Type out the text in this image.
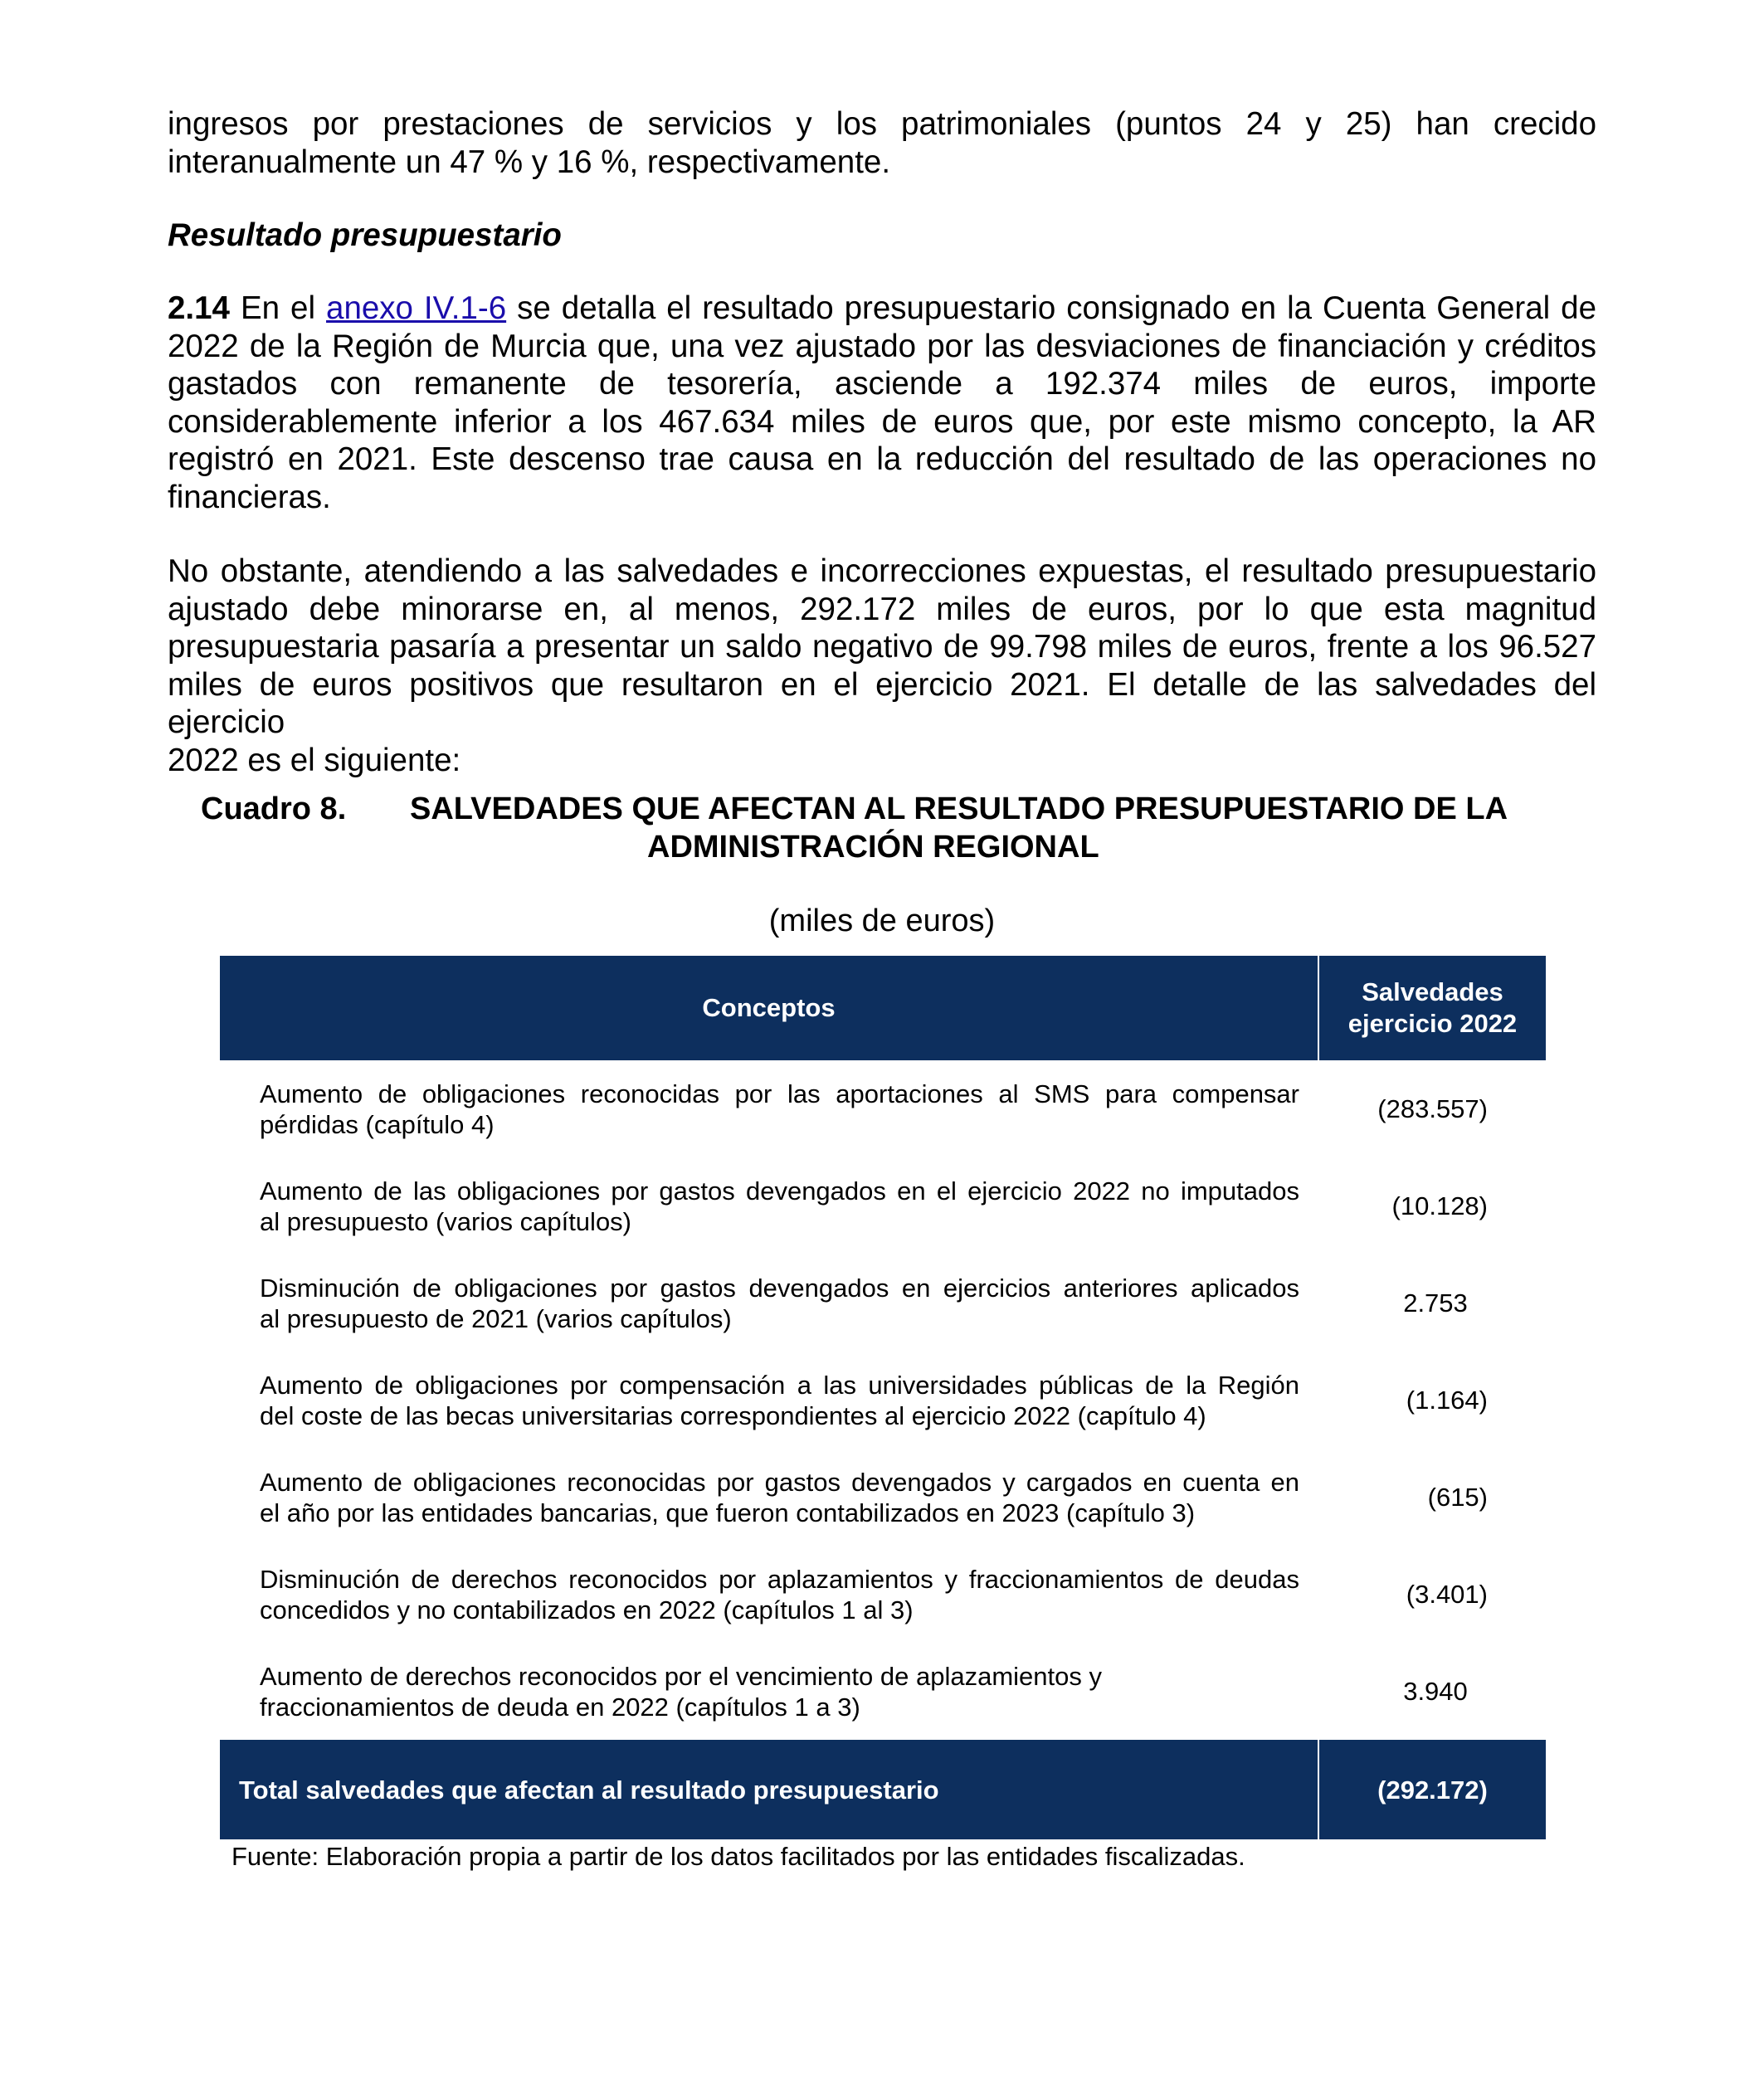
ingresos por prestaciones de servicios y los patrimoniales (puntos 24 y 25) han crecido
interanualmente un 47 % y 16 %, respectivamente.

Resultado presupuestario

2.14 En el anexo IV.1-6 se detalla el resultado presupuestario consignado en la Cuenta General de
2022 de la Región de Murcia que, una vez ajustado por las desviaciones de financiación y créditos
gastados con remanente de tesorería, asciende a 192.374 miles de euros, importe
considerablemente inferior a los 467.634 miles de euros que, por este mismo concepto, la AR
registró en 2021. Este descenso trae causa en la reducción del resultado de las operaciones no
financieras.

No obstante, atendiendo a las salvedades e incorrecciones expuestas, el resultado presupuestario
ajustado debe minorarse en, al menos, 292.172 miles de euros, por lo que esta magnitud
presupuestaria pasaría a presentar un saldo negativo de 99.798 miles de euros, frente a los 96.527
miles de euros positivos que resultaron en el ejercicio 2021. El detalle de las salvedades del ejercicio
2022 es el siguiente:

Cuadro 8. SALVEDADES QUE AFECTAN AL RESULTADO PRESUPUESTARIO DE LA
ADMINISTRACIÓN REGIONAL
(miles de euros)
Conceptos	Salvedades
ejercicio 2022

Aumento de obligaciones reconocidas por las aportaciones al SMS para compensar
pérdidas (capítulo 4)	(283.557)

Aumento de las obligaciones por gastos devengados en el ejercicio 2022 no imputados
al presupuesto (varios capítulos)	(10.128)

Disminución de obligaciones por gastos devengados en ejercicios anteriores aplicados
al presupuesto de 2021 (varios capítulos)	2.753

Aumento de obligaciones por compensación a las universidades públicas de la Región
del coste de las becas universitarias correspondientes al ejercicio 2022 (capítulo 4)	(1.164)

Aumento de obligaciones reconocidas por gastos devengados y cargados en cuenta en
el año por las entidades bancarias, que fueron contabilizados en 2023 (capítulo 3)	(615)

Disminución de derechos reconocidos por aplazamientos y fraccionamientos de deudas
concedidos y no contabilizados en 2022 (capítulos 1 al 3)	(3.401)

Aumento de derechos reconocidos por el vencimiento de aplazamientos y
fraccionamientos de deuda en 2022 (capítulos 1 a 3)	3.940
Total salvedades que afectan al resultado presupuestario	(292.172)
Fuente: Elaboración propia a partir de los datos facilitados por las entidades fiscalizadas.
